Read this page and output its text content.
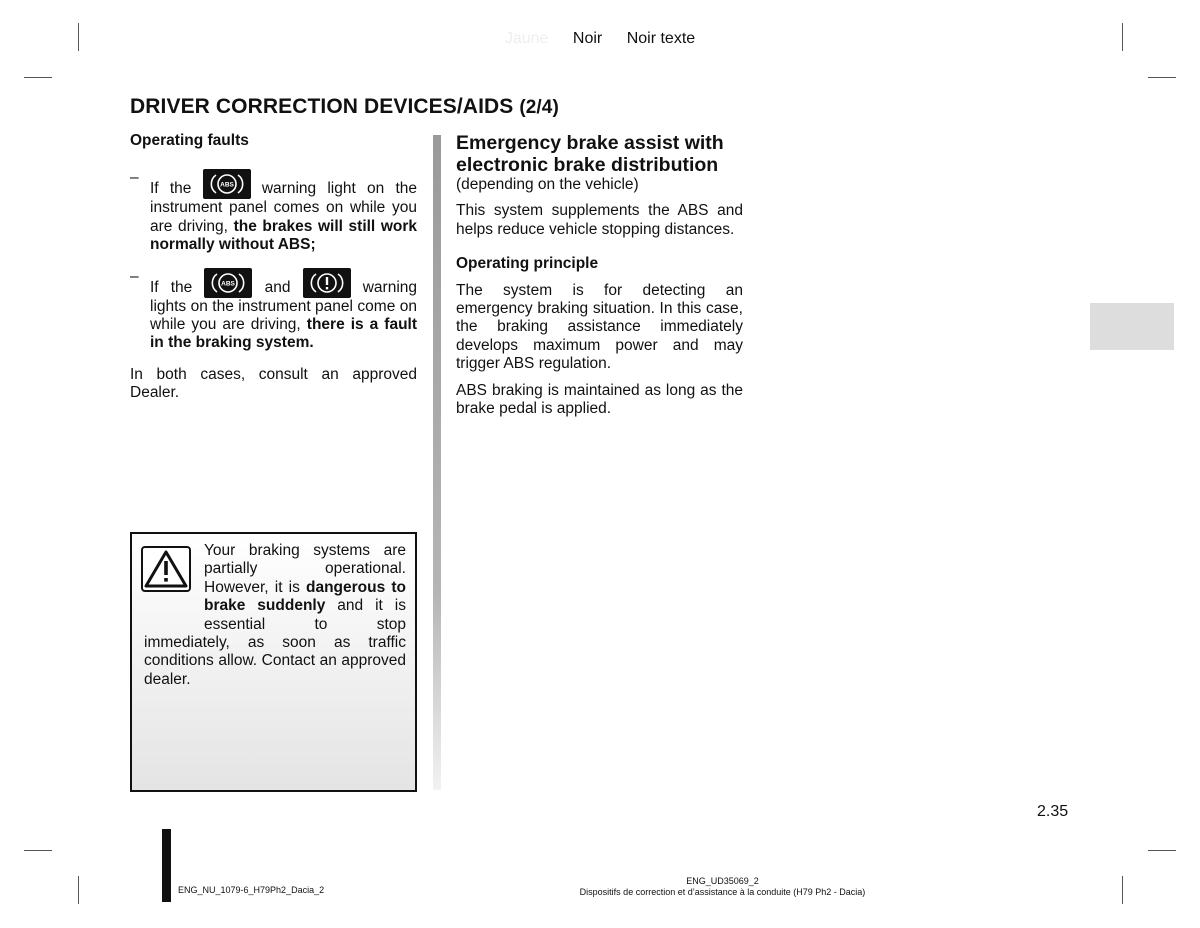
Jaune Noir Noir texte
DRIVER CORRECTION DEVICES/AIDS (2/4)
Operating faults
–
If the	ABS warning light on the instrument panel comes on while you are driving, the brakes will still work normally without ABS;
–
If the	ABS and	warning lights on the instrument panel come on while you are driving, there is a fault in the braking system.

In both cases, consult an approved Dealer.

Your braking systems are partially operational. However, it is dangerous to brake suddenly and it is essential to stop immediately, as soon as traffic conditions allow. Contact an approved dealer.
Emergency brake assist with electronic brake distribution
(depending on the vehicle)

This system supplements the ABS and helps reduce vehicle stopping distances.

Operating principle

The system is for detecting an emergency braking situation. In this case, the braking assistance immediately develops maximum power and may trigger ABS regulation.

ABS braking is maintained as long as the brake pedal is applied.

2.35
ENG_NU_1079-6_H79Ph2_Dacia_2
ENG_UD35069_2
Dispositifs de correction et d’assistance à la conduite (H79 Ph2 - Dacia)
